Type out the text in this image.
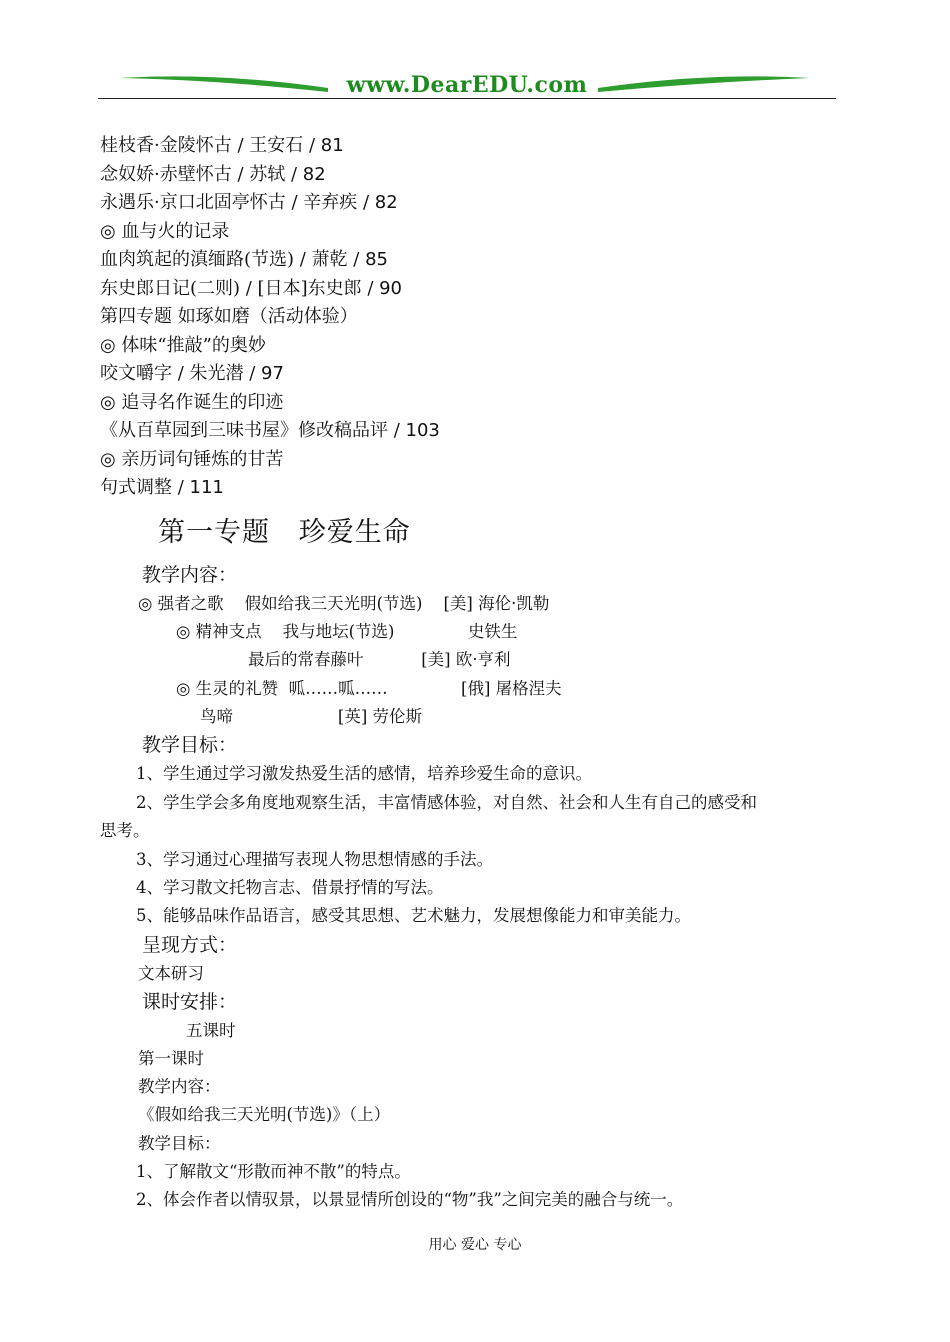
www.DearEDU.com
桂枝香·金陵怀古 / 王安石 / 81
念奴娇·赤壁怀古 / 苏轼 / 82
永遇乐·京口北固亭怀古 / 辛弃疾 / 82
◎ 血与火的记录
血肉筑起的滇缅路(节选) / 萧乾 / 85
东史郎日记(二则) / [日本]东史郎 / 90
第四专题 如琢如磨（活动体验）
◎ 体味“推敲”的奥妙
咬文嚼字 / 朱光潜 / 97
◎ 追寻名作诞生的印迹
《从百草园到三味书屋》修改稿品评 / 103
◎ 亲历词句锤炼的甘苦
句式调整 / 111
第一专题   珍爱生命
教学内容：
◎ 强者之歌    假如给我三天光明(节选)    [美] 海伦·凯勒
◎ 精神支点    我与地坛(节选)              史铁生
最后的常春藤叶           [美] 欧·亨利
◎ 生灵的礼赞  呱……呱……              [俄] 屠格涅夫
鸟啼                    [英] 劳伦斯
教学目标：
1、学生通过学习激发热爱生活的感情，培养珍爱生命的意识。
2、学生学会多角度地观察生活，丰富情感体验，对自然、社会和人生有自己的感受和
思考。
3、学习通过心理描写表现人物思想情感的手法。
4、学习散文托物言志、借景抒情的写法。
5、能够品味作品语言，感受其思想、艺术魅力，发展想像能力和审美能力。
呈现方式：
文本研习
课时安排：
五课时
第一课时
教学内容：
《假如给我三天光明(节选)》（上）
教学目标：
1、了解散文“形散而神不散”的特点。
2、体会作者以情驭景，以景显情所创设的“物”我”之间完美的融合与统一。
用心 爱心 专心
